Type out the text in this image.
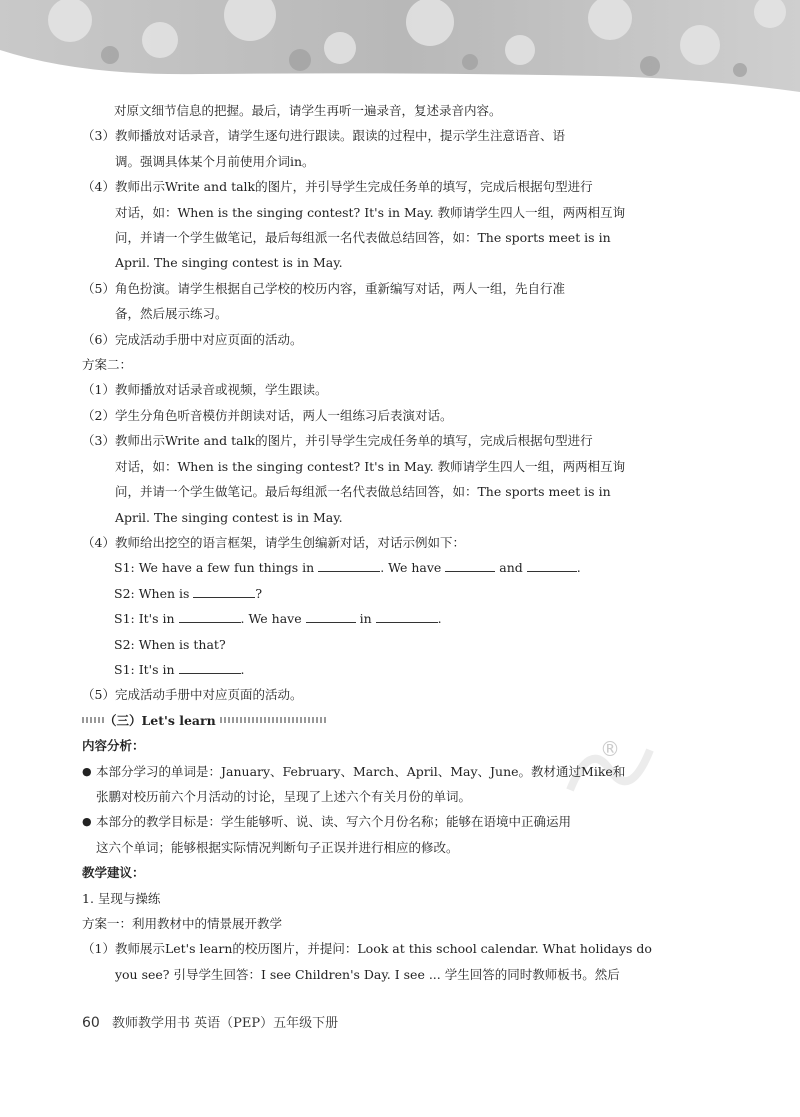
®

对原文细节信息的把握。最后，请学生再听一遍录音，复述录音内容。

（3） 教师播放对话录音，请学生逐句进行跟读。跟读的过程中，提示学生注意语音、语
调。强调具体某个月前使用介词in。
（4） 教师出示Write and talk的图片，并引导学生完成任务单的填写，完成后根据句型进行
对话，如：When is the singing contest? It's in May. 教师请学生四人一组，两两相互询
问，并请一个学生做笔记，最后每组派一名代表做总结回答，如：The sports meet is in
April. The singing contest is in May.
（5） 角色扮演。请学生根据自己学校的校历内容，重新编写对话，两人一组，先自行准
备，然后展示练习。
（6） 完成活动手册中对应页面的活动。

方案二：

（1） 教师播放对话录音或视频，学生跟读。
（2） 学生分角色听音模仿并朗读对话，两人一组练习后表演对话。
（3） 教师出示Write and talk的图片，并引导学生完成任务单的填写，完成后根据句型进行
对话，如：When is the singing contest? It's in May. 教师请学生四人一组，两两相互询
问，并请一个学生做笔记。最后每组派一名代表做总结回答，如：The sports meet is in
April. The singing contest is in May.
（4） 教师给出挖空的语言框架，请学生创编新对话，对话示例如下：
S1: We have a few fun things in	. We have	and	.
S2: When is	?
S1: It's in	. We have	in	.
S2: When is that?
S1: It's in	.
（5） 完成活动手册中对应页面的活动。
（三）Let's learn

内容分析：

● 本部分学习的单词是：January、February、March、April、May、June。教材通过Mike和
张鹏对校历前六个月活动的讨论，呈现了上述六个有关月份的单词。
● 本部分的教学目标是：学生能够听、说、读、写六个月份名称；能够在语境中正确运用
这六个单词；能够根据实际情况判断句子正误并进行相应的修改。

教学建议：

1. 呈现与操练

方案一：利用教材中的情景展开教学

（1） 教师展示Let's learn的校历图片，并提问：Look at this school calendar. What holidays do
you see? 引导学生回答：I see Children's Day. I see ... 学生回答的同时教师板书。然后
60 教师教学用书 英语（PEP）五年级下册
